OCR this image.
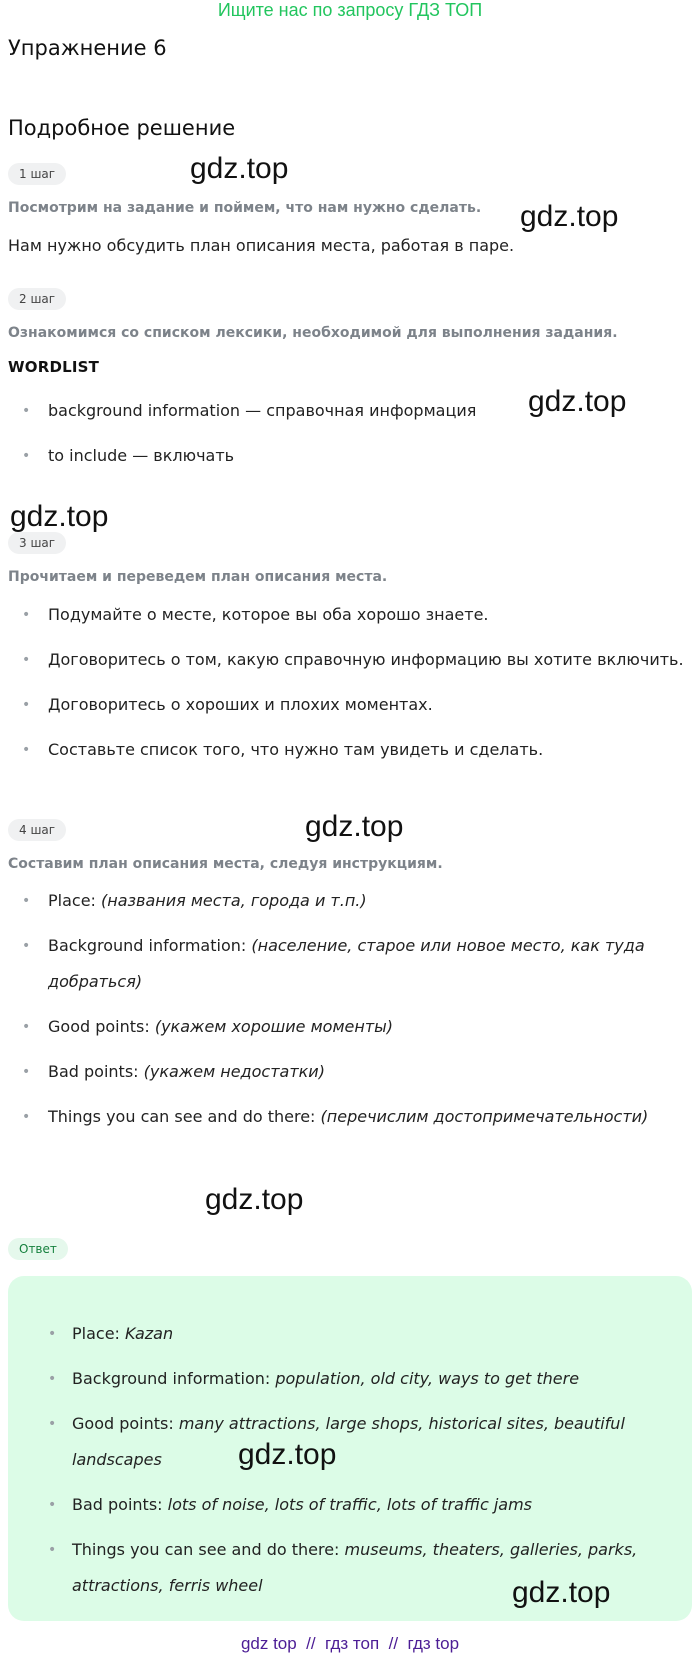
Ищите нас по запросу ГДЗ ТОП
Упражнение 6
Подробное решение
1 шаг
Посмотрим на задание и поймем, что нам нужно сделать.
Нам нужно обсудить план описания места, работая в паре.
2 шаг
Ознакомимся со списком лексики, необходимой для выполнения задания.
WORDLIST
• background information — справочная информация
• to include — включать
3 шаг
Прочитаем и переведем план описания места.
• Подумайте о месте, которое вы оба хорошо знаете.
• Договоритесь о том, какую справочную информацию вы хотите включить.
• Договоритесь о хороших и плохих моментах.
• Составьте список того, что нужно там увидеть и сделать.
4 шаг
Составим план описания места, следуя инструкциям.
• Place: (названия места, города и т.п.)
• Background information: (население, старое или новое место, как туда добраться)
• Good points: (укажем хорошие моменты)
• Bad points: (укажем недостатки)
• Things you can see and do there: (перечислим достопримечательности)
Ответ
• Place: Kazan
• Background information: population, old city, ways to get there
• Good points: many attractions, large shops, historical sites, beautiful landscapes
• Bad points: lots of noise, lots of traffic, lots of traffic jams
• Things you can see and do there: museums, theaters, galleries, parks, attractions, ferris wheel
gdz.top
gdz.top
gdz.top
gdz.top
gdz.top
gdz.top
gdz.top
gdz.top
gdz top  //  гдз топ  //  гдз top
